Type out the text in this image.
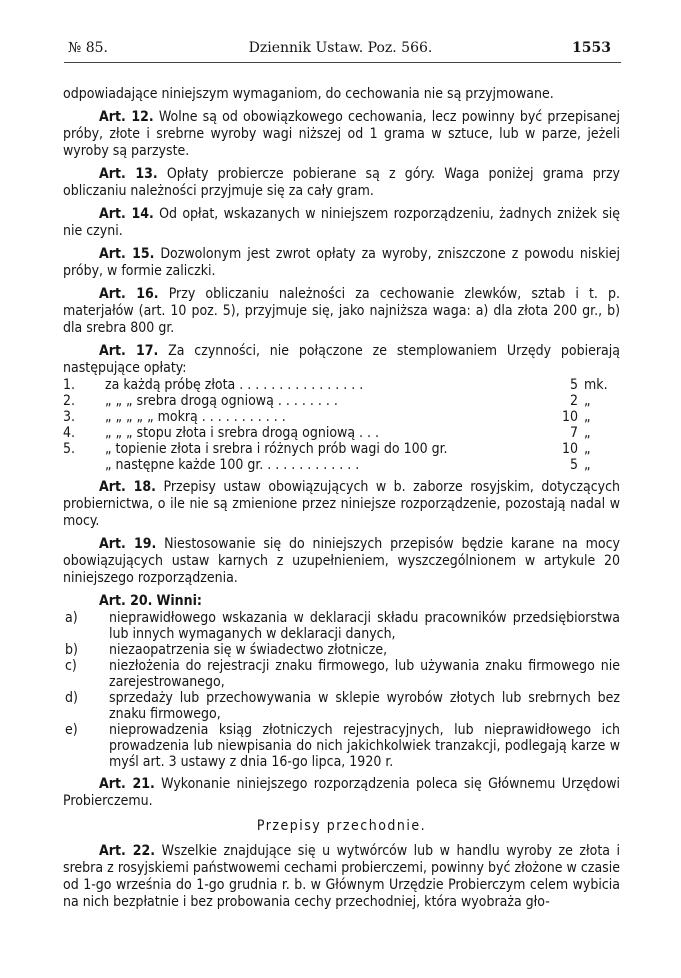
№ 85.	Dziennik Ustaw. Poz. 566.	1553

odpowiadające niniejszym wymaganiom, do cechowania nie są przyjmowane.

Art. 12. Wolne są od obowiązkowego cechowania, lecz powinny być przepisanej próby, złote i srebrne wyroby wagi niższej od 1 grama w sztuce, lub w parze, jeżeli wyroby są parzyste.

Art. 13. Opłaty probiercze pobierane są z góry. Waga poniżej grama przy obliczaniu należności przyjmuje się za cały gram.

Art. 14. Od opłat, wskazanych w niniejszem rozporządzeniu, żadnych zniżek się nie czyni.

Art. 15. Dozwolonym jest zwrot opłaty za wyroby, zniszczone z powodu niskiej próby, w formie zaliczki.

Art. 16. Przy obliczaniu należności za cechowanie zlewków, sztab i t. p. materjałów (art. 10 poz. 5), przyjmuje się, jako najniższa waga: a) dla złota 200 gr., b) dla srebra 800 gr.

Art. 17. Za czynności, nie połączone ze stemplowaniem Urzędy pobierają następujące opłaty:

1.	za każdą próbę złota . . . . . . . . . . . . . . . .	5 mk.
2.	„ „ „ srebra drogą ogniową . . . . . . . .	2 „
3.	„ „ „ „ „ mokrą . . . . . . . . . . .	10 „
4.	„ „ „ stopu złota i srebra drogą ogniową . . .	7 „
5.	„ topienie złota i srebra i różnych prób wagi do 100 gr.	10 „
„ następne każde 100 gr. . . . . . . . . . . . .	5 „

Art. 18. Przepisy ustaw obowiązujących w b. zaborze rosyjskim, dotyczących probiernictwa, o ile nie są zmienione przez niniejsze rozporządzenie, pozostają nadal w mocy.

Art. 19. Niestosowanie się do niniejszych przepisów będzie karane na mocy obowiązujących ustaw karnych z uzupełnieniem, wyszczególnionem w artykule 20 niniejszego rozporządzenia.

Art. 20. Winni:

a)	nieprawidłowego wskazania w deklaracji składu pracowników przedsiębiorstwa lub innych wymaganych w deklaracji danych,
b)	niezaopatrzenia się w świadectwo złotnicze,
c)	niezłożenia do rejestracji znaku firmowego, lub używania znaku firmowego nie zarejestrowanego,
d)	sprzedaży lub przechowywania w sklepie wyrobów złotych lub srebrnych bez znaku firmowego,
e)	nieprowadzenia ksiąg złotniczych rejestracyjnych, lub nieprawidłowego ich prowadzenia lub niewpisania do nich jakichkolwiek tranzakcji, podlegają karze w myśl art. 3 ustawy z dnia 16-go lipca, 1920 r.

Art. 21. Wykonanie niniejszego rozporządzenia poleca się Głównemu Urzędowi Probierczemu.

Przepisy przechodnie.

Art. 22. Wszelkie znajdujące się u wytwórców lub w handlu wyroby ze złota i srebra z rosyjskiemi państwowemi cechami probierczemi, powinny być złożone w czasie od 1-go września do 1-go grudnia r. b. w Głównym Urzędzie Probierczym celem wybicia na nich bezpłatnie i bez probowania cechy przechodniej, która wyobraża gło-
